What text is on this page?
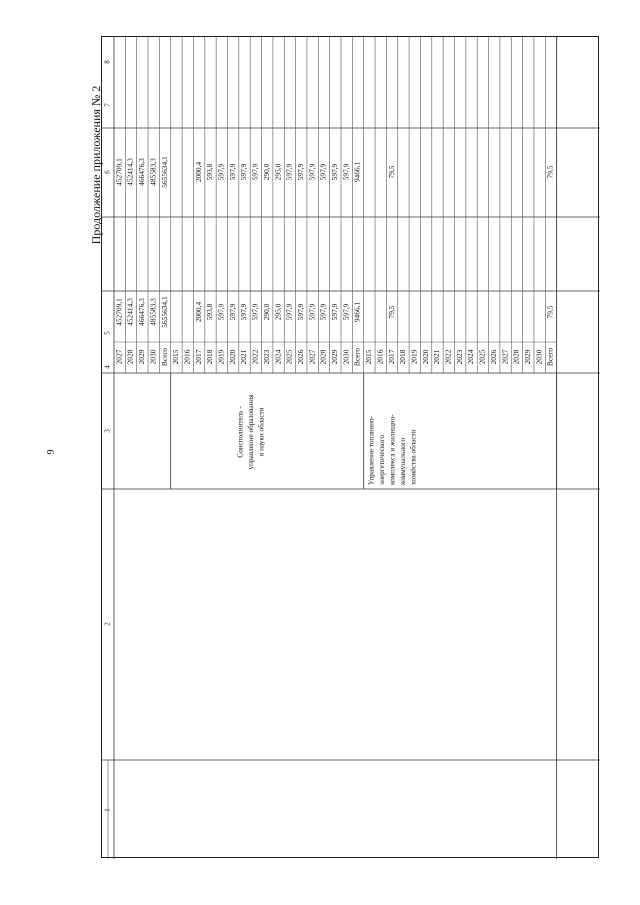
9
Продолжение приложения № 2
1
2
3
4
5
6
7
8
2027
452709,1
452709,1
2028
452414,3
452414,3
2029
466476,3
466476,3
2030
485583,3
485583,3
Всего
5655634,1
5655634,1
2015 2016 2017
2000,4
2000,4
2018
593,8
593,8
2019
597,9
597,9
2020
597,9
597,9
2021
597,9
597,9
2022
597,9
597,9
2023
290,0
290,0
2024
295,0
295,0
2025
597,9
597,9
2026
597,9
597,9
2027
597,9
597,9
2028
597,9
597,9
2029
597,9
597,9
2030
597,9
597,9
Всего
9466,1
9466,1
2015 2016 2017
79,5
79,5
2018 2019 2020 2021 2022 2023 2024 2025 2026 2027 2028 2029 2030 Всего
79,5
79,5
Соисполнитель - управление образования и науки области	Управление топливно- энергетического комплекса и жилищно- коммунального хозяйства области
